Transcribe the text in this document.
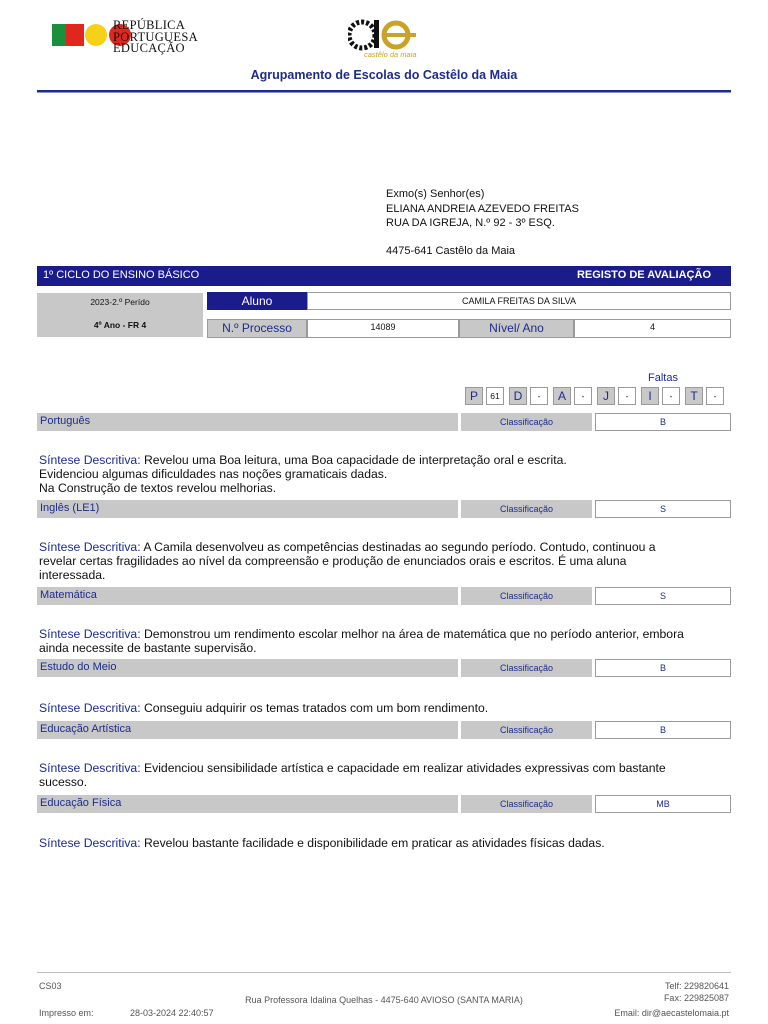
REPÚBLICA
PORTUGUESA
EDUCAÇÃO	castêlo da maia
Agrupamento de Escolas do Castêlo da Maia
Exmo(s) Senhor(es)
ELIANA ANDREIA AZEVEDO FREITAS
RUA DA IGREJA, N.º 92 - 3º ESQ.
4475-641 Castêlo da Maia
1º CICLO DO ENSINO BÁSICO	REGISTO DE AVALIAÇÃO
2023-2.º Perído
4º Ano - FR 4
Aluno	CAMILA FREITAS DA SILVA
N.º Processo	14089	Nível/ Ano	4
Faltas
P	61	D	-	A	-	J	-	I	-	T	-
Português	Classificação	B
Síntese Descritiva: Revelou uma Boa leitura, uma Boa capacidade de interpretação oral e escrita.
Evidenciou algumas dificuldades nas noções gramaticais dadas.
Na Construção de textos revelou melhorias.
Inglês (LE1)	Classificação	S
Síntese Descritiva: A Camila desenvolveu as competências destinadas ao segundo período. Contudo, continuou a
revelar certas fragilidades ao nível da compreensão e produção de enunciados orais e escritos. É uma aluna
interessada.
Matemática	Classificação	S
Síntese Descritiva: Demonstrou um rendimento escolar melhor na área de matemática que no período anterior, embora
ainda necessite de bastante supervisão.
Estudo do Meio	Classificação	B
Síntese Descritiva: Conseguiu adquirir os temas tratados com um bom rendimento.
Educação Artística	Classificação	B
Síntese Descritiva: Evidenciou sensibilidade artística e capacidade em realizar atividades expressivas com bastante
sucesso.
Educação Física	Classificação	MB
Síntese Descritiva: Revelou bastante facilidade e disponibilidade em praticar as atividades físicas dadas.
CS03
Impresso em:	28-03-2024 22:40:57
Rua Professora Idalina Quelhas - 4475-640 AVIOSO (SANTA MARIA)
Telf: 229820641
Fax: 229825087
Email: dir@aecastelomaia.pt
